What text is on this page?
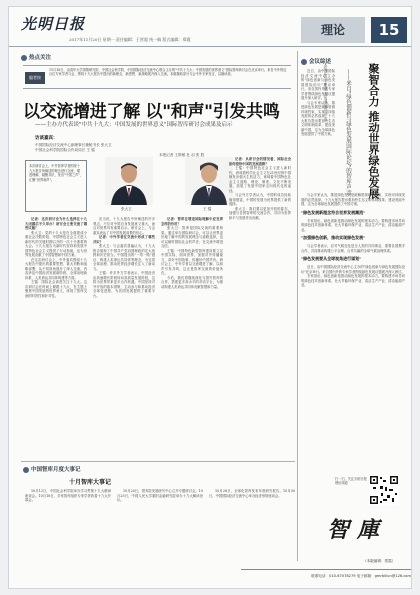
光明日报
2017年11月20日 星期一 责任编辑：王营超 统一稿 版式编辑：郑霞
理论	15
热点关注
编者按
11月16日，由清华大学国情研究院、中国社会科学院、中国国际经济交流中心联合主办的"中共十九大：中国发展的世界意义"国际智库研讨会在北京举行。来自中外的近百位专家学者与会，围绕十九大报告中提出的新理念、新思想、新战略展开深入交流。本版撷取部分与会中外专家发言，以飨读者。
以交流增进了解 以"和声"引发共鸣
——主办方代表谈"中共十九大：中国发展的世界意义"国际智库研讨会成果及启示
访谈嘉宾：
中国国际经济交流中心副理事长兼秘书长 张大卫
中国社会科学院国际合作局局长 王 镭
本报记者 王斯敏 杜 羽 张 胜
本次研讨会上，中外智库学者围绕十九大报告所阐述的理念进行交流，增进理解，凝聚共识，发出"中国之声"，汇聚"世界和声"。
张大卫	王 镭

记者：这次研讨会为什么选择在十九大闭幕后不久举办？研讨会主要交流了哪些议题？

张大卫：党的十九大是在全面建成小康社会决胜阶段、中国特色社会主义进入新时代的关键时期召开的一次十分重要的大会。十九大报告为新时代坚持和发展中国特色社会主义提供了行动指南，也为世界发展贡献了中国智慧和中国方案。

在这次研讨会上，中外嘉宾围绕十九大报告中提出的重要思想、重大判断和战略部署，从不同视角展开了深入交流，内容涉及中国经济发展新阶段、全球治理新体系、人类命运共同体构建等方面。

王镭：国际社会高度关注十九大。这次研讨会在时间上紧跟十九大，在主题上聚焦中国发展的世界意义，体现了智库交流的时效性和针对性。

应当说，十九大报告中所阐述的许多观点，不仅对中国自身发展意义重大，而且对世界具有重要启示。研讨会上，与会嘉宾表达了对中国发展前景的信心。

记者：中外学者在交流中形成了哪些共识？

张大卫：与会嘉宾普遍认为，十九大报告展现了中国共产党治国理政的宏大视野和历史担当。中国提出的"一带一路"倡议、构建人类命运共同体等理念，为完善全球治理、推动世界经济增长注入了新动力。

王镭：许多外方学者表示，中国经济由高速增长阶段转向高质量发展阶段，这将为世界带来更多合作机遇。中国坚持对外开放的基本国策，主动参与和推动经济全球化进程，为各国发展提供了重要平台。

记者：智库在增进国际理解中应发挥怎样的作用？

张大卫：智库是国际交流的重要桥梁。通过举办国际研讨会，可以让世界更好地了解中国的发展理念与道路选择，也可以倾听国际社会的声音，在交流中增进互信。

王镭：中国特色新型智库建设要立足中国实际，面向世界，加强对外传播能力，讲好中国故事，传播好中国声音。研讨会上，中外学者以交流增进了解，以和声引发共鸣，这正是智库交流的价值所在。

今后，我们将继续深化与国外智库的合作，搭建更多高水平的对话平台，为推动构建人类命运共同体贡献智慧和力量。

记者：从研讨会的情况看，国际社会如何看待中国的发展道路？

王镭：中国特色社会主义进入新时代，意味着科学社会主义在21世纪的中国焕发出强大生机活力，意味着中国特色社会主义道路、理论、制度、文化不断发展，拓展了发展中国家走向现代化的途径。

与会外方学者认为，中国的成功经验值得借鉴，中国的发展为世界提供了新的选择。

张大卫：我们要以更加开放的姿态，加强与各国智库的交流合作，共同为世界和平与发展作出贡献。

会议综述
聚智合力 推动世界绿色发展
——来自"绿色创新与绿色发展国际论坛"的智库声音
本报记者 王斯敏 本报通讯员 刘 洋

近日，由中国国际经济交流中心主办的"绿色创新与绿色发展国际论坛"在京举行。来自国内外的专家学者围绕绿色发展议题展开深入研讨。

与会专家认为，推进绿色发展是破解资源环境约束、实现可持续发展的必然选择。十九大报告提出要加快生态文明体制改革，建设美丽中国，这为全球绿色发展提供了中国方案。

与会专家认为，推进绿色发展是破解资源环境约束、实现可持续发展的必然选择。十九大报告提出要加快生态文明体制改革，建设美丽中国，这为全球绿色发展提供了中国方案。

"绿色发展新理念符合世界发展潮流"

专家指出，绿色创新是推动绿色发展的根本动力。要构建市场导向的绿色技术创新体系，壮大节能环保产业、清洁生产产业、清洁能源产业。

"加强绿色创新，推动实现绿色发展"

与会学者表示，应对气候变化是全人类的共同事业，需要各国携手合作，共同推动构建公平合理、合作共赢的全球气候治理体系。

"绿色发展要从全球视角进行谋划"

近日，由中国国际经济交流中心主办的"绿色创新与绿色发展国际论坛"在京举行。来自国内外的专家学者围绕绿色发展议题展开深入研讨。

专家指出，绿色创新是推动绿色发展的根本动力。要构建市场导向的绿色技术创新体系，壮大节能环保产业、清洁生产产业、清洁能源产业。

中国智库月度大事记
十月智库大事记

10月12日，中国社会科学院举办学习贯彻十九大精神座谈会。10月18日，多家智库组织专家学者收看十九大开幕会。

10月20日，国务院发展研究中心召开专题研讨会。10月25日，中国人民大学重阳金融研究院举办十九大解读论坛。

10月28日，全球化智库发布年度研究报告。10月30日，中国国际经济交流中心举办经济形势座谈会。

扫一扫，关注光明日报理论频道
智庫
（本版编辑：郑霞）
联系电话：010-67078279 电子邮箱：gmrblilun@126.com
